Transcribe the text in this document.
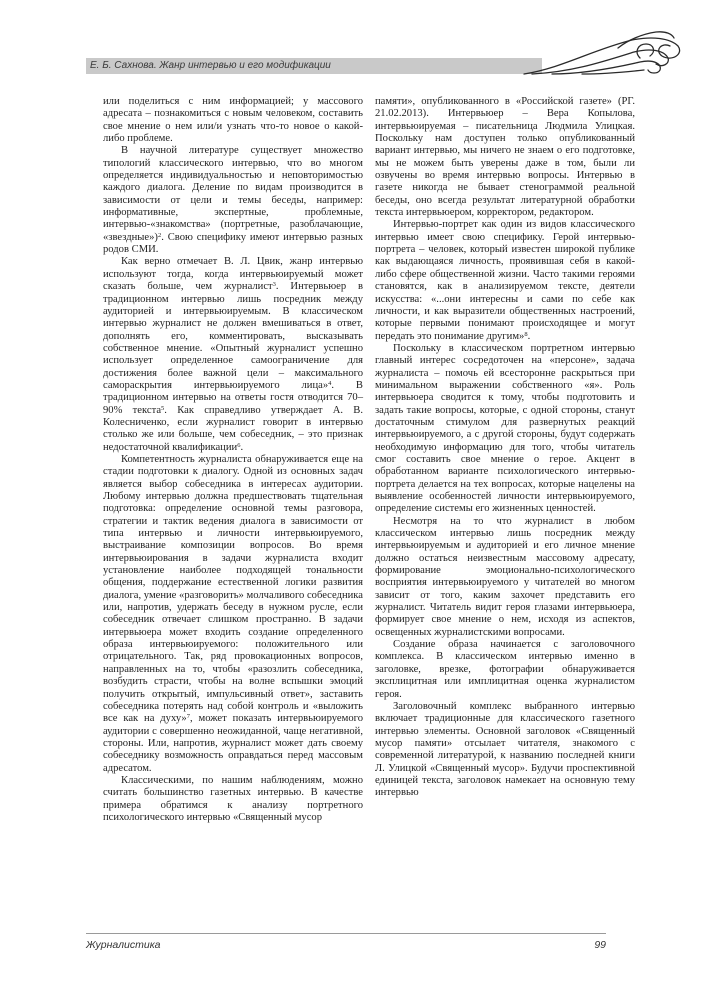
Е. Б. Сахнова. Жанр интервью и его модификации

или поделиться с ним информацией; у массового адресата – познакомиться с новым человеком, составить свое мнение о нем или/и узнать что-то новое о какой-либо проблеме.

В научной литературе существует множество типологий классического интервью, что во многом определяется индивидуальностью и неповторимостью каждого диалога. Деление по видам производится в зависимости от цели и темы беседы, например: информативные, экспертные, проблемные, интервью-«знакомства» (портретные, разоблачающие, «звездные»)$^2$. Свою специфику имеют интервью разных родов СМИ.

Как верно отмечает В. Л. Цвик, жанр интервью используют тогда, когда интервьюируемый может сказать больше, чем журналист$^3$. Интервьюер в традиционном интервью лишь посредник между аудиторией и интервьюируемым. В классическом интервью журналист не должен вмешиваться в ответ, дополнять его, комментировать, высказывать собственное мнение. «Опытный журналист успешно использует определенное самоограничение для достижения более важной цели – максимального самораскрытия интервьюируемого лица»$^4$. В традиционном интервью на ответы гостя отводится 70–90% текста$^5$. Как справедливо утверждает А. В. Колесниченко, если журналист говорит в интервью столько же или больше, чем собеседник, – это признак недостаточной квалификации$^6$.

Компетентность журналиста обнаруживается еще на стадии подготовки к диалогу. Одной из основных задач является выбор собеседника в интересах аудитории. Любому интервью должна предшествовать тщательная подготовка: определение основной темы разговора, стратегии и тактик ведения диалога в зависимости от типа интервью и личности интервьюируемого, выстраивание композиции вопросов. Во время интервьюирования в задачи журналиста входит установление наиболее подходящей тональности общения, поддержание естественной логики развития диалога, умение «разговорить» молчаливого собеседника или, напротив, удержать беседу в нужном русле, если собеседник отвечает слишком пространно. В задачи интервьюера может входить создание определенного образа интервьюируемого: положительного или отрицательного. Так, ряд провокационных вопросов, направленных на то, чтобы «разозлить собеседника, возбудить страсти, чтобы на волне вспышки эмоций получить открытый, импульсивный ответ», заставить собеседника потерять над собой контроль и «выложить все как на духу»$^7$, может показать интервьюируемого аудитории с совершенно неожиданной, чаще негативной, стороны. Или, напротив, журналист может дать своему собеседнику возможность оправдаться перед массовым адресатом.

Классическими, по нашим наблюдениям, можно считать большинство газетных интервью. В качестве примера обратимся к анализу портретного психологического интервью «Священный мусор

памяти», опубликованного в «Российской газете» (РГ. 21.02.2013). Интервьюер – Вера Копылова, интервьюируемая – писательница Людмила Улицкая. Поскольку нам доступен только опубликованный вариант интервью, мы ничего не знаем о его подготовке, мы не можем быть уверены даже в том, были ли озвучены во время интервью вопросы. Интервью в газете никогда не бывает стенограммой реальной беседы, оно всегда результат литературной обработки текста интервьюером, корректором, редактором.

Интервью-портрет как один из видов классического интервью имеет свою специфику. Герой интервью-портрета – человек, который известен широкой публике как выдающаяся личность, проявившая себя в какой-либо сфере общественной жизни. Часто такими героями становятся, как в анализируемом тексте, деятели искусства: «...они интересны и сами по себе как личности, и как выразители общественных настроений, которые первыми понимают происходящее и могут передать это понимание другим»$^8$.

Поскольку в классическом портретном интервью главный интерес сосредоточен на «персоне», задача журналиста – помочь ей всесторонне раскрыться при минимальном выражении собственного «я». Роль интервьюера сводится к тому, чтобы подготовить и задать такие вопросы, которые, с одной стороны, станут достаточным стимулом для развернутых реакций интервьюируемого, а с другой стороны, будут содержать необходимую информацию для того, чтобы читатель смог составить свое мнение о герое. Акцент в обработанном варианте психологического интервью-портрета делается на тех вопросах, которые нацелены на выявление особенностей личности интервьюируемого, определение системы его жизненных ценностей.

Несмотря на то что журналист в любом классическом интервью лишь посредник между интервьюируемым и аудиторией и его личное мнение должно остаться неизвестным массовому адресату, формирование эмоционально-психологического восприятия интервьюируемого у читателей во многом зависит от того, каким захочет представить его журналист. Читатель видит героя глазами интервьюера, формирует свое мнение о нем, исходя из аспектов, освещенных журналистскими вопросами.

Создание образа начинается с заголовочного комплекса. В классическом интервью именно в заголовке, врезке, фотографии обнаруживается эксплицитная или имплицитная оценка журналистом героя.

Заголовочный комплекс выбранного интервью включает традиционные для классического газетного интервью элементы. Основной заголовок «Священный мусор памяти» отсылает читателя, знакомого с современной литературой, к названию последней книги Л. Улицкой «Священный мусор». Будучи проспективной единицей текста, заголовок намекает на основную тему интервью

Журналистика	99
